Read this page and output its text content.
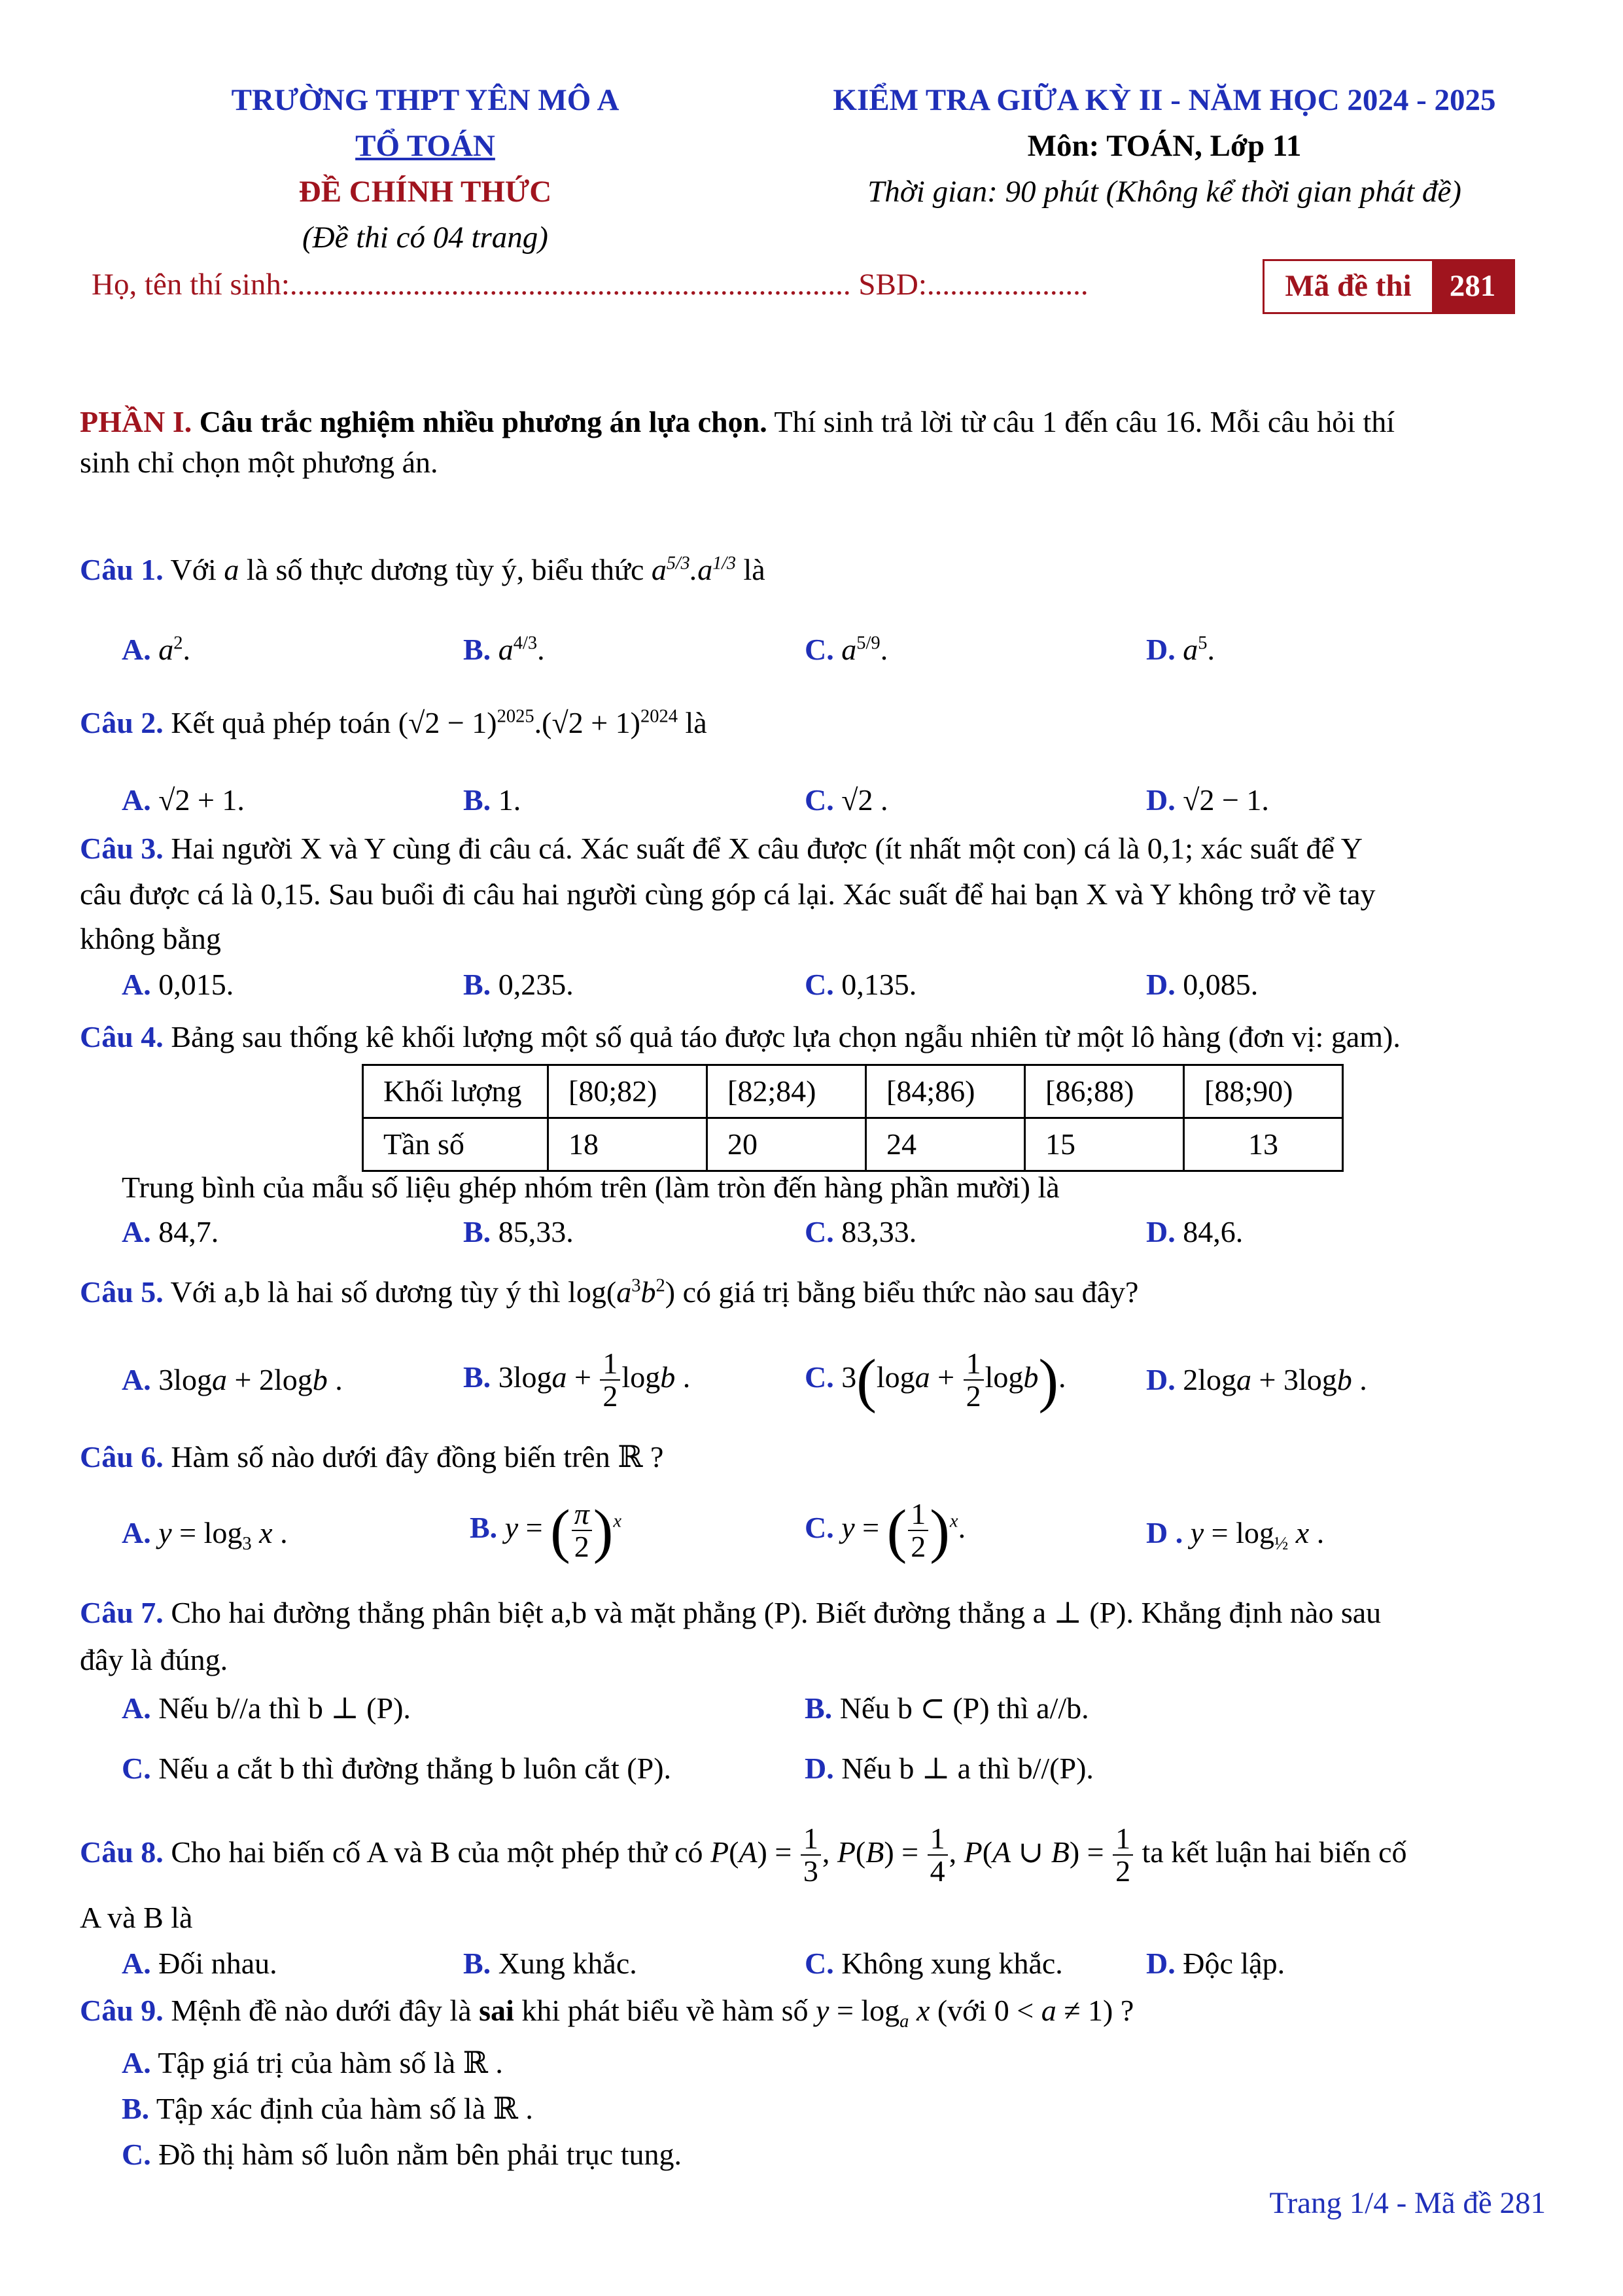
TRƯỜNG THPT YÊN MÔ A
TỔ TOÁN
ĐỀ CHÍNH THỨC
(Đề thi có 04 trang)
KIỂM TRA GIỮA KỲ II - NĂM HỌC 2024 - 2025
Môn: TOÁN, Lớp 11
Thời gian: 90 phút (Không kể thời gian phát đề)
Họ, tên thí sinh:......................................................................... SBD:.....................	Mã đề thi	281
PHẦN I. Câu trắc nghiệm nhiều phương án lựa chọn. Thí sinh trả lời từ câu 1 đến câu 16. Mỗi câu hỏi thí
sinh chỉ chọn một phương án.
Câu 1. Với a là số thực dương tùy ý, biểu thức $a^{5/3}.a^{1/3}$ là
A. $a^2$.	B. $a^{4/3}$.	C. $a^{5/9}$.	D. $a^5$.
Câu 2. Kết quả phép toán $(√2 - 1)^{2025}.(√2 + 1)^{2024}$ là
A. √2 + 1.	B. 1.	C. √2 .	D. √2 − 1.
Câu 3. Hai người X và Y cùng đi câu cá. Xác suất để X câu được (ít nhất một con) cá là 0,1; xác suất để Y
câu được cá là 0,15. Sau buổi đi câu hai người cùng góp cá lại. Xác suất để hai bạn X và Y không trở về tay
không bằng
A. 0,015.	B. 0,235.	C. 0,135.	D. 0,085.
Câu 4. Bảng sau thống kê khối lượng một số quả táo được lựa chọn ngẫu nhiên từ một lô hàng (đơn vị: gam).
Khối lượng	[80;82)	[82;84)	[84;86)	[86;88)	[88;90)
Tần số	18	20	24	15	13
Trung bình của mẫu số liệu ghép nhóm trên (làm tròn đến hàng phần mười) là
A. 84,7.	B. 85,33.	C. 83,33.	D. 84,6.
Câu 5. Với a,b là hai số dương tùy ý thì $\log(a^3b^2)$ có giá trị bằng biểu thức nào sau đây?
A. 3loga + 2logb .	B. $3\log a + \frac{1}{2}$ logb .	C. $3(\log a + \frac{1}{2} \log b)$.	D. 2loga + 3logb .
Câu 6. Hàm số nào dưới đây đồng biến trên ℝ ?
A. $y = \log_3 x$ .	B. y = ( $\frac{\pi}{2} )^x$	C. y = ( $\frac{1}{2} )^x$.	D . $y = \log_{\frac{1}{2}} x$ .
Câu 7. Cho hai đường thẳng phân biệt a,b và mặt phẳng (P). Biết đường thẳng a ⊥ (P). Khẳng định nào sau
đây là đúng.
A. Nếu b//a thì b ⊥ (P).	B. Nếu b ⊂ (P) thì a//b.
C. Nếu a cắt b thì đường thẳng b luôn cắt (P).	D. Nếu b ⊥ a thì b//(P).
Câu 8. Cho hai biến cố A và B của một phép thử có $P(A) = \frac{1}{3}$ , $P(B) = \frac{1}{4}$ , P(A ∪ $B) = \frac{1}{2}$ ta kết luận hai biến cố
A và B là
A. Đối nhau.	B. Xung khắc.	C. Không xung khắc.	D. Độc lập.
Câu 9. Mệnh đề nào dưới đây là sai khi phát biểu về hàm số $y = \log_a x$ (với 0 < a ≠ 1) ?
A. Tập giá trị của hàm số là ℝ .
B. Tập xác định của hàm số là ℝ .
C. Đồ thị hàm số luôn nằm bên phải trục tung.
Trang 1/4 - Mã đề 281
